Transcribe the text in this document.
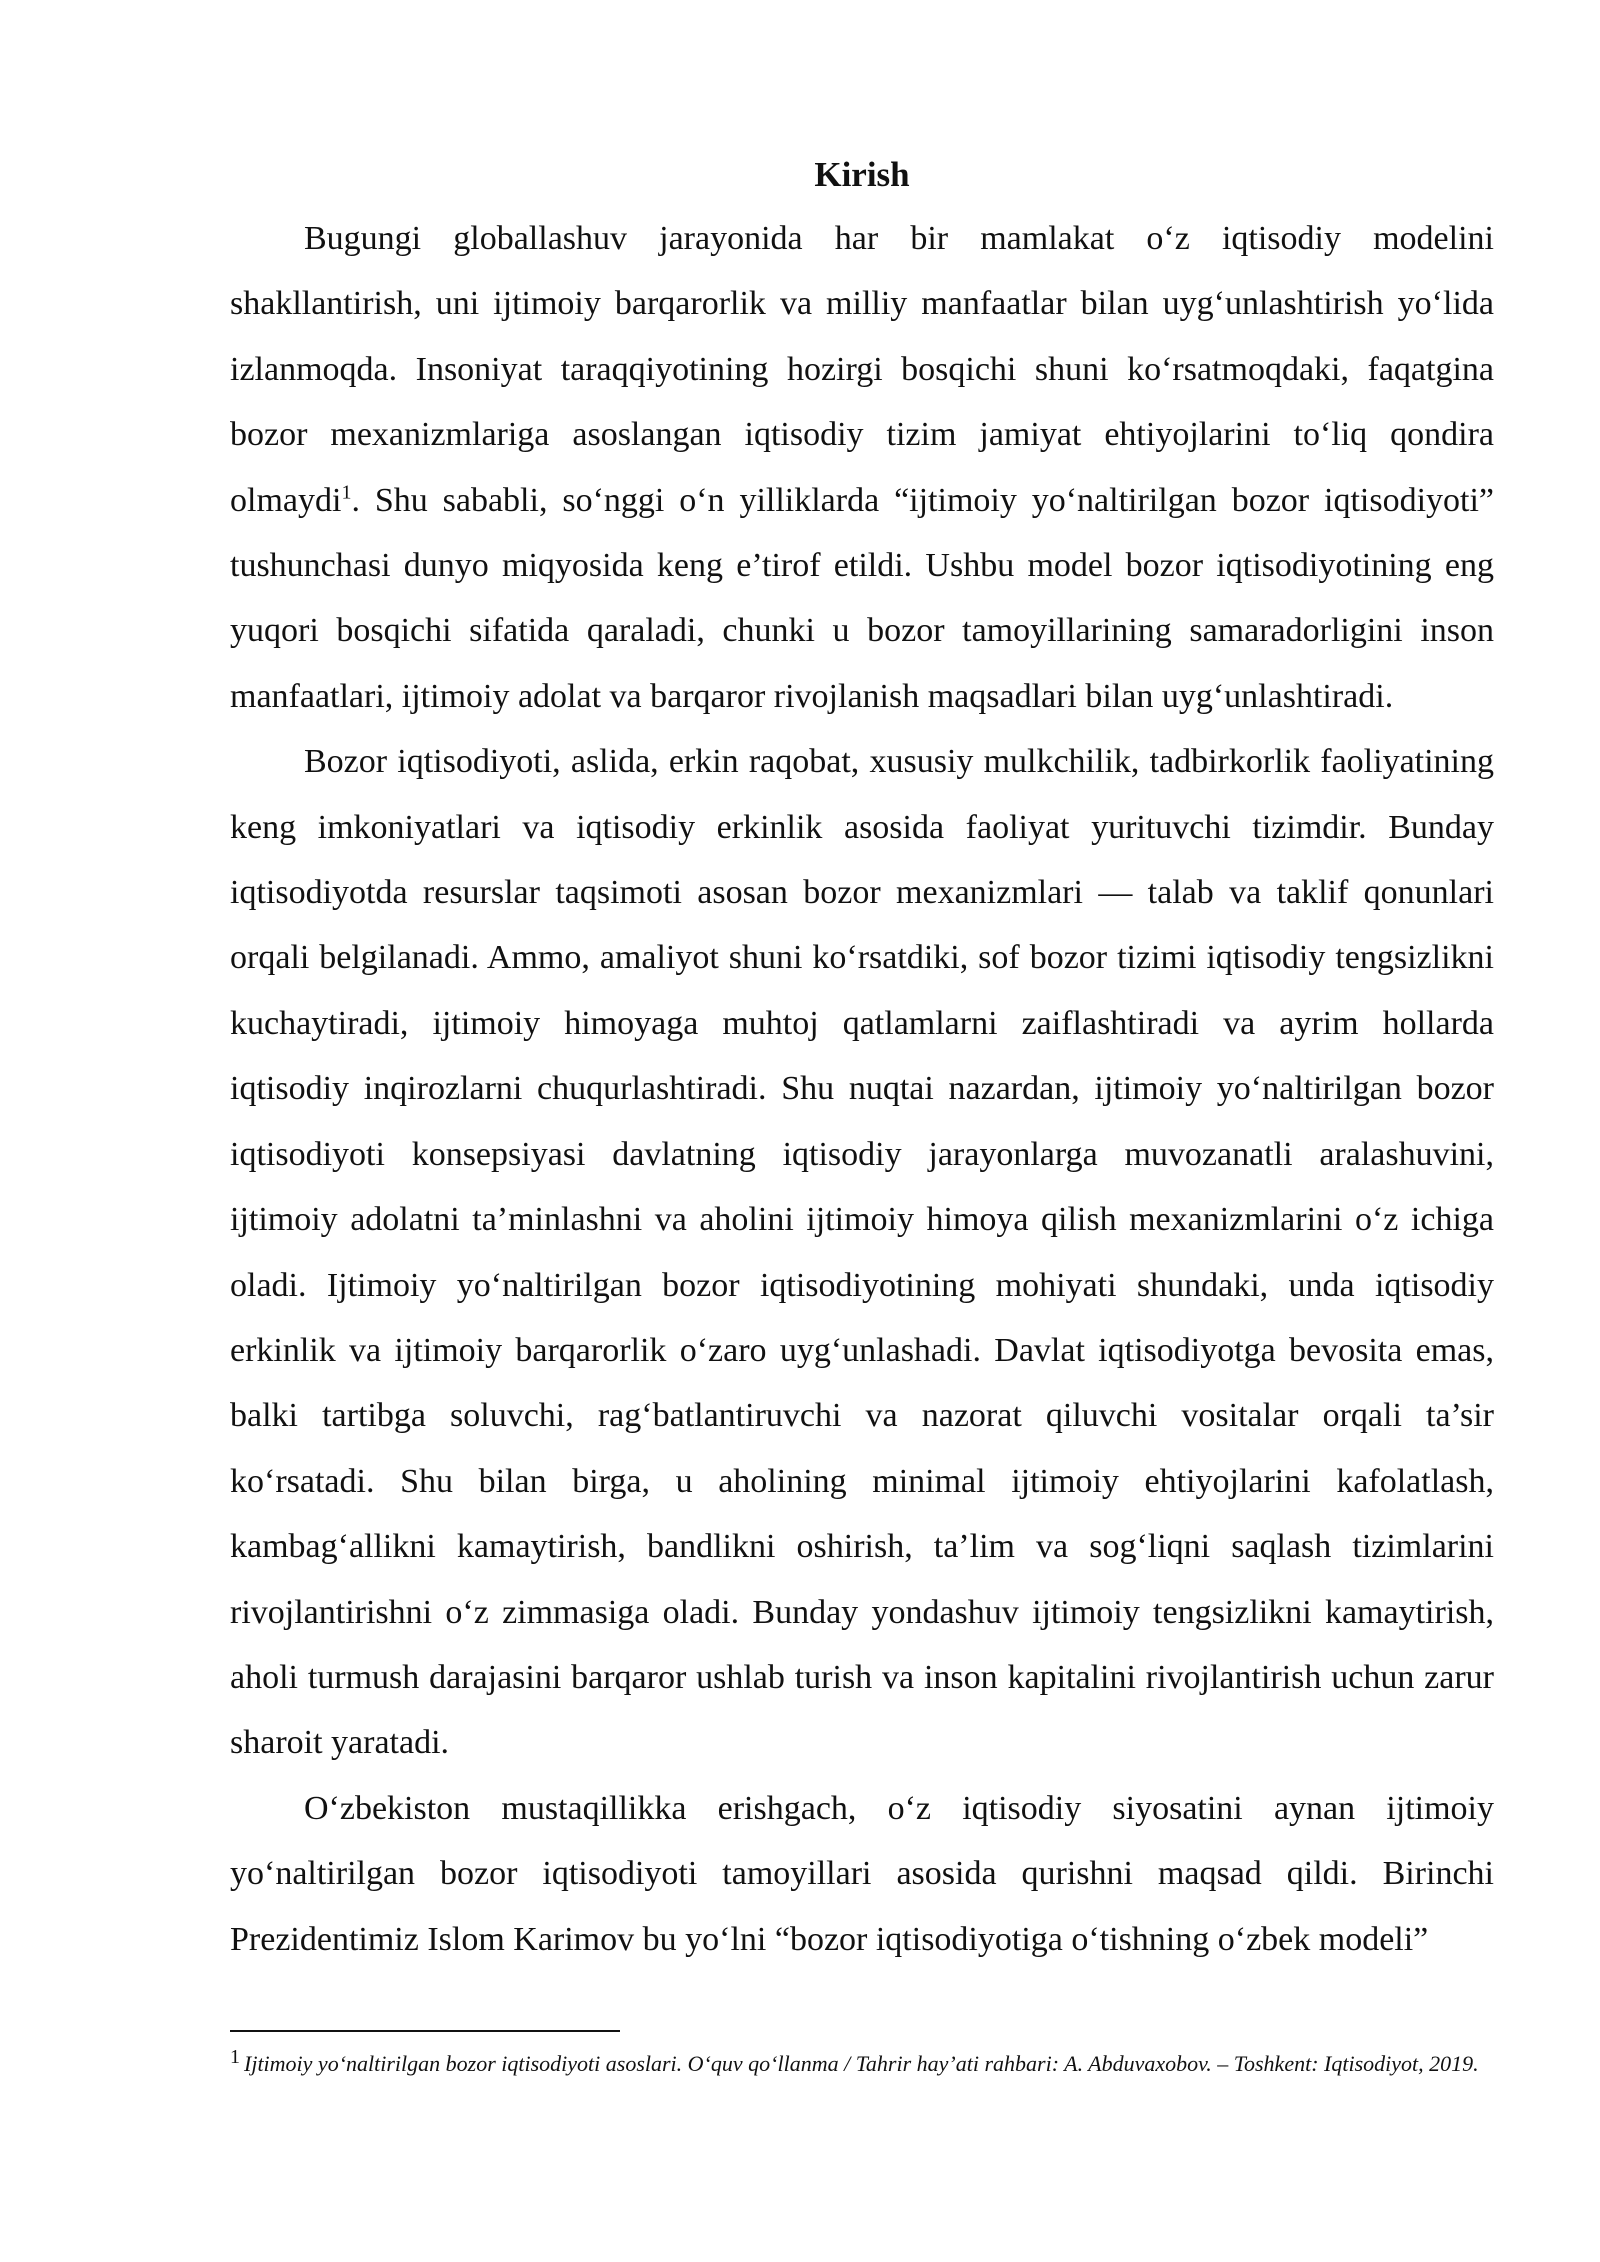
Kirish

Bugungi globallashuv jarayonida har bir mamlakat o‘z iqtisodiy modelini shakllantirish, uni ijtimoiy barqarorlik va milliy manfaatlar bilan uyg‘unlashtirish yo‘lida izlanmoqda. Insoniyat taraqqiyotining hozirgi bosqichi shuni ko‘rsatmoqdaki, faqatgina bozor mexanizmlariga asoslangan iqtisodiy tizim jamiyat ehtiyojlarini to‘liq qondira olmaydi$^1$. Shu sababli, so‘nggi o‘n yilliklarda “ijtimoiy yo‘naltirilgan bozor iqtisodiyoti” tushunchasi dunyo miqyosida keng e’tirof etildi. Ushbu model bozor iqtisodiyotining eng yuqori bosqichi sifatida qaraladi, chunki u bozor tamoyillarining samaradorligini inson manfaatlari, ijtimoiy adolat va barqaror rivojlanish maqsadlari bilan uyg‘unlashtiradi.

Bozor iqtisodiyoti, aslida, erkin raqobat, xususiy mulkchilik, tadbirkorlik faoliyatining keng imkoniyatlari va iqtisodiy erkinlik asosida faoliyat yurituvchi tizimdir. Bunday iqtisodiyotda resurslar taqsimoti asosan bozor mexanizmlari — talab va taklif qonunlari orqali belgilanadi. Ammo, amaliyot shuni ko‘rsatdiki, sof bozor tizimi iqtisodiy tengsizlikni kuchaytiradi, ijtimoiy himoyaga muhtoj qatlamlarni zaiflashtiradi va ayrim hollarda iqtisodiy inqirozlarni chuqurlashtiradi. Shu nuqtai nazardan, ijtimoiy yo‘naltirilgan bozor iqtisodiyoti konsepsiyasi davlatning iqtisodiy jarayonlarga muvozanatli aralashuvini, ijtimoiy adolatni ta’minlashni va aholini ijtimoiy himoya qilish mexanizmlarini o‘z ichiga oladi. Ijtimoiy yo‘naltirilgan bozor iqtisodiyotining mohiyati shundaki, unda iqtisodiy erkinlik va ijtimoiy barqarorlik o‘zaro uyg‘unlashadi. Davlat iqtisodiyotga bevosita emas, balki tartibga soluvchi, rag‘batlantiruvchi va nazorat qiluvchi vositalar orqali ta’sir ko‘rsatadi. Shu bilan birga, u aholining minimal ijtimoiy ehtiyojlarini kafolatlash, kambag‘allikni kamaytirish, bandlikni oshirish, ta’lim va sog‘liqni saqlash tizimlarini rivojlantirishni o‘z zimmasiga oladi. Bunday yondashuv ijtimoiy tengsizlikni kamaytirish, aholi turmush darajasini barqaror ushlab turish va inson kapitalini rivojlantirish uchun zarur sharoit yaratadi.

O‘zbekiston mustaqillikka erishgach, o‘z iqtisodiy siyosatini aynan ijtimoiy yo‘naltirilgan bozor iqtisodiyoti tamoyillari asosida qurishni maqsad qildi. Birinchi Prezidentimiz Islom Karimov bu yo‘lni “bozor iqtisodiyotiga o‘tishning o‘zbek modeli”

1 Ijtimoiy yo‘naltirilgan bozor iqtisodiyoti asoslari. O‘quv qo‘llanma / Tahrir hay’ati rahbari: A. Abduvaxobov. – Toshkent: Iqtisodiyot, 2019.
